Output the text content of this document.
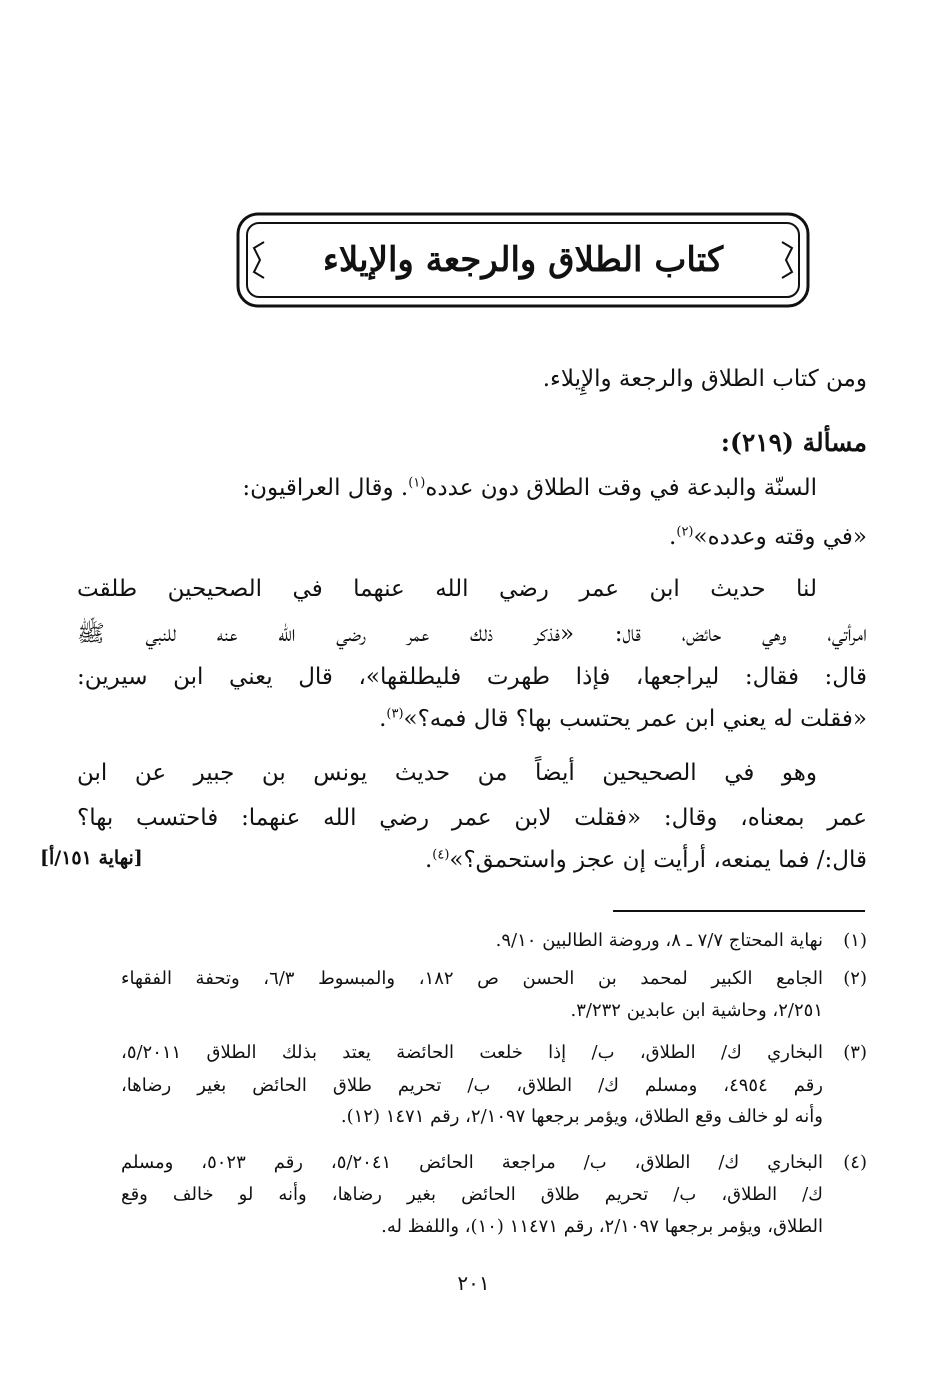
كتاب الطلاق والرجعة والإيلاء
ومن كتاب الطلاق والرجعة والإِيلاء.
مسألة (٢١٩):
السنّة والبدعة في وقت الطلاق دون عدده$^{(١)}$. وقال العراقيون:
«في وقته وعدده»$^{(٢)}$.
لنا حديث ابن عمر رضي الله عنهما في الصحيحين طلقت
امرأتي، وهي حائض، قال: «فذكر ذلك عمر رضي الله عنه للنبي ﷺ
قال: فقال: ليراجعها، فإذا طهرت فليطلقها»، قال يعني ابن سيرين:
«فقلت له يعني ابن عمر يحتسب بها؟ قال فمه؟»$^{(٣)}$.
وهو في الصحيحين أيضاً من حديث يونس بن جبير عن ابن
عمر بمعناه، وقال: «فقلت لابن عمر رضي الله عنهما: فاحتسب بها؟
قال:/ فما يمنعه، أرأيت إن عجز واستحمق؟»$^{(٤)}$.
[نهاية ١٥١/أ]
(١)
نهاية المحتاج ٧/٧ ـ ٨، وروضة الطالبين ٩/١٠.
(٢)
الجامع الكبير لمحمد بن الحسن ص ١٨٢، والمبسوط ٦/٣، وتحفة الفقهاء
٢/٢٥١، وحاشية ابن عابدين ٣/٢٣٢.
(٣)
البخاري ك/ الطلاق، ب/ إذا خلعت الحائضة يعتد بذلك الطلاق ٥/٢٠١١،
رقم ٤٩٥٤، ومسلم ك/ الطلاق، ب/ تحريم طلاق الحائض بغير رضاها،
وأنه لو خالف وقع الطلاق، ويؤمر برجعها ٢/١٠٩٧، رقم ١٤٧١ (١٢).
(٤)
البخاري ك/ الطلاق، ب/ مراجعة الحائض ٥/٢٠٤١، رقم ٥٠٢٣، ومسلم
ك/ الطلاق، ب/ تحريم طلاق الحائض بغير رضاها، وأنه لو خالف وقع
الطلاق، ويؤمر برجعها ٢/١٠٩٧، رقم ١١٤٧١ (١٠)، واللفظ له.
٢٠١
